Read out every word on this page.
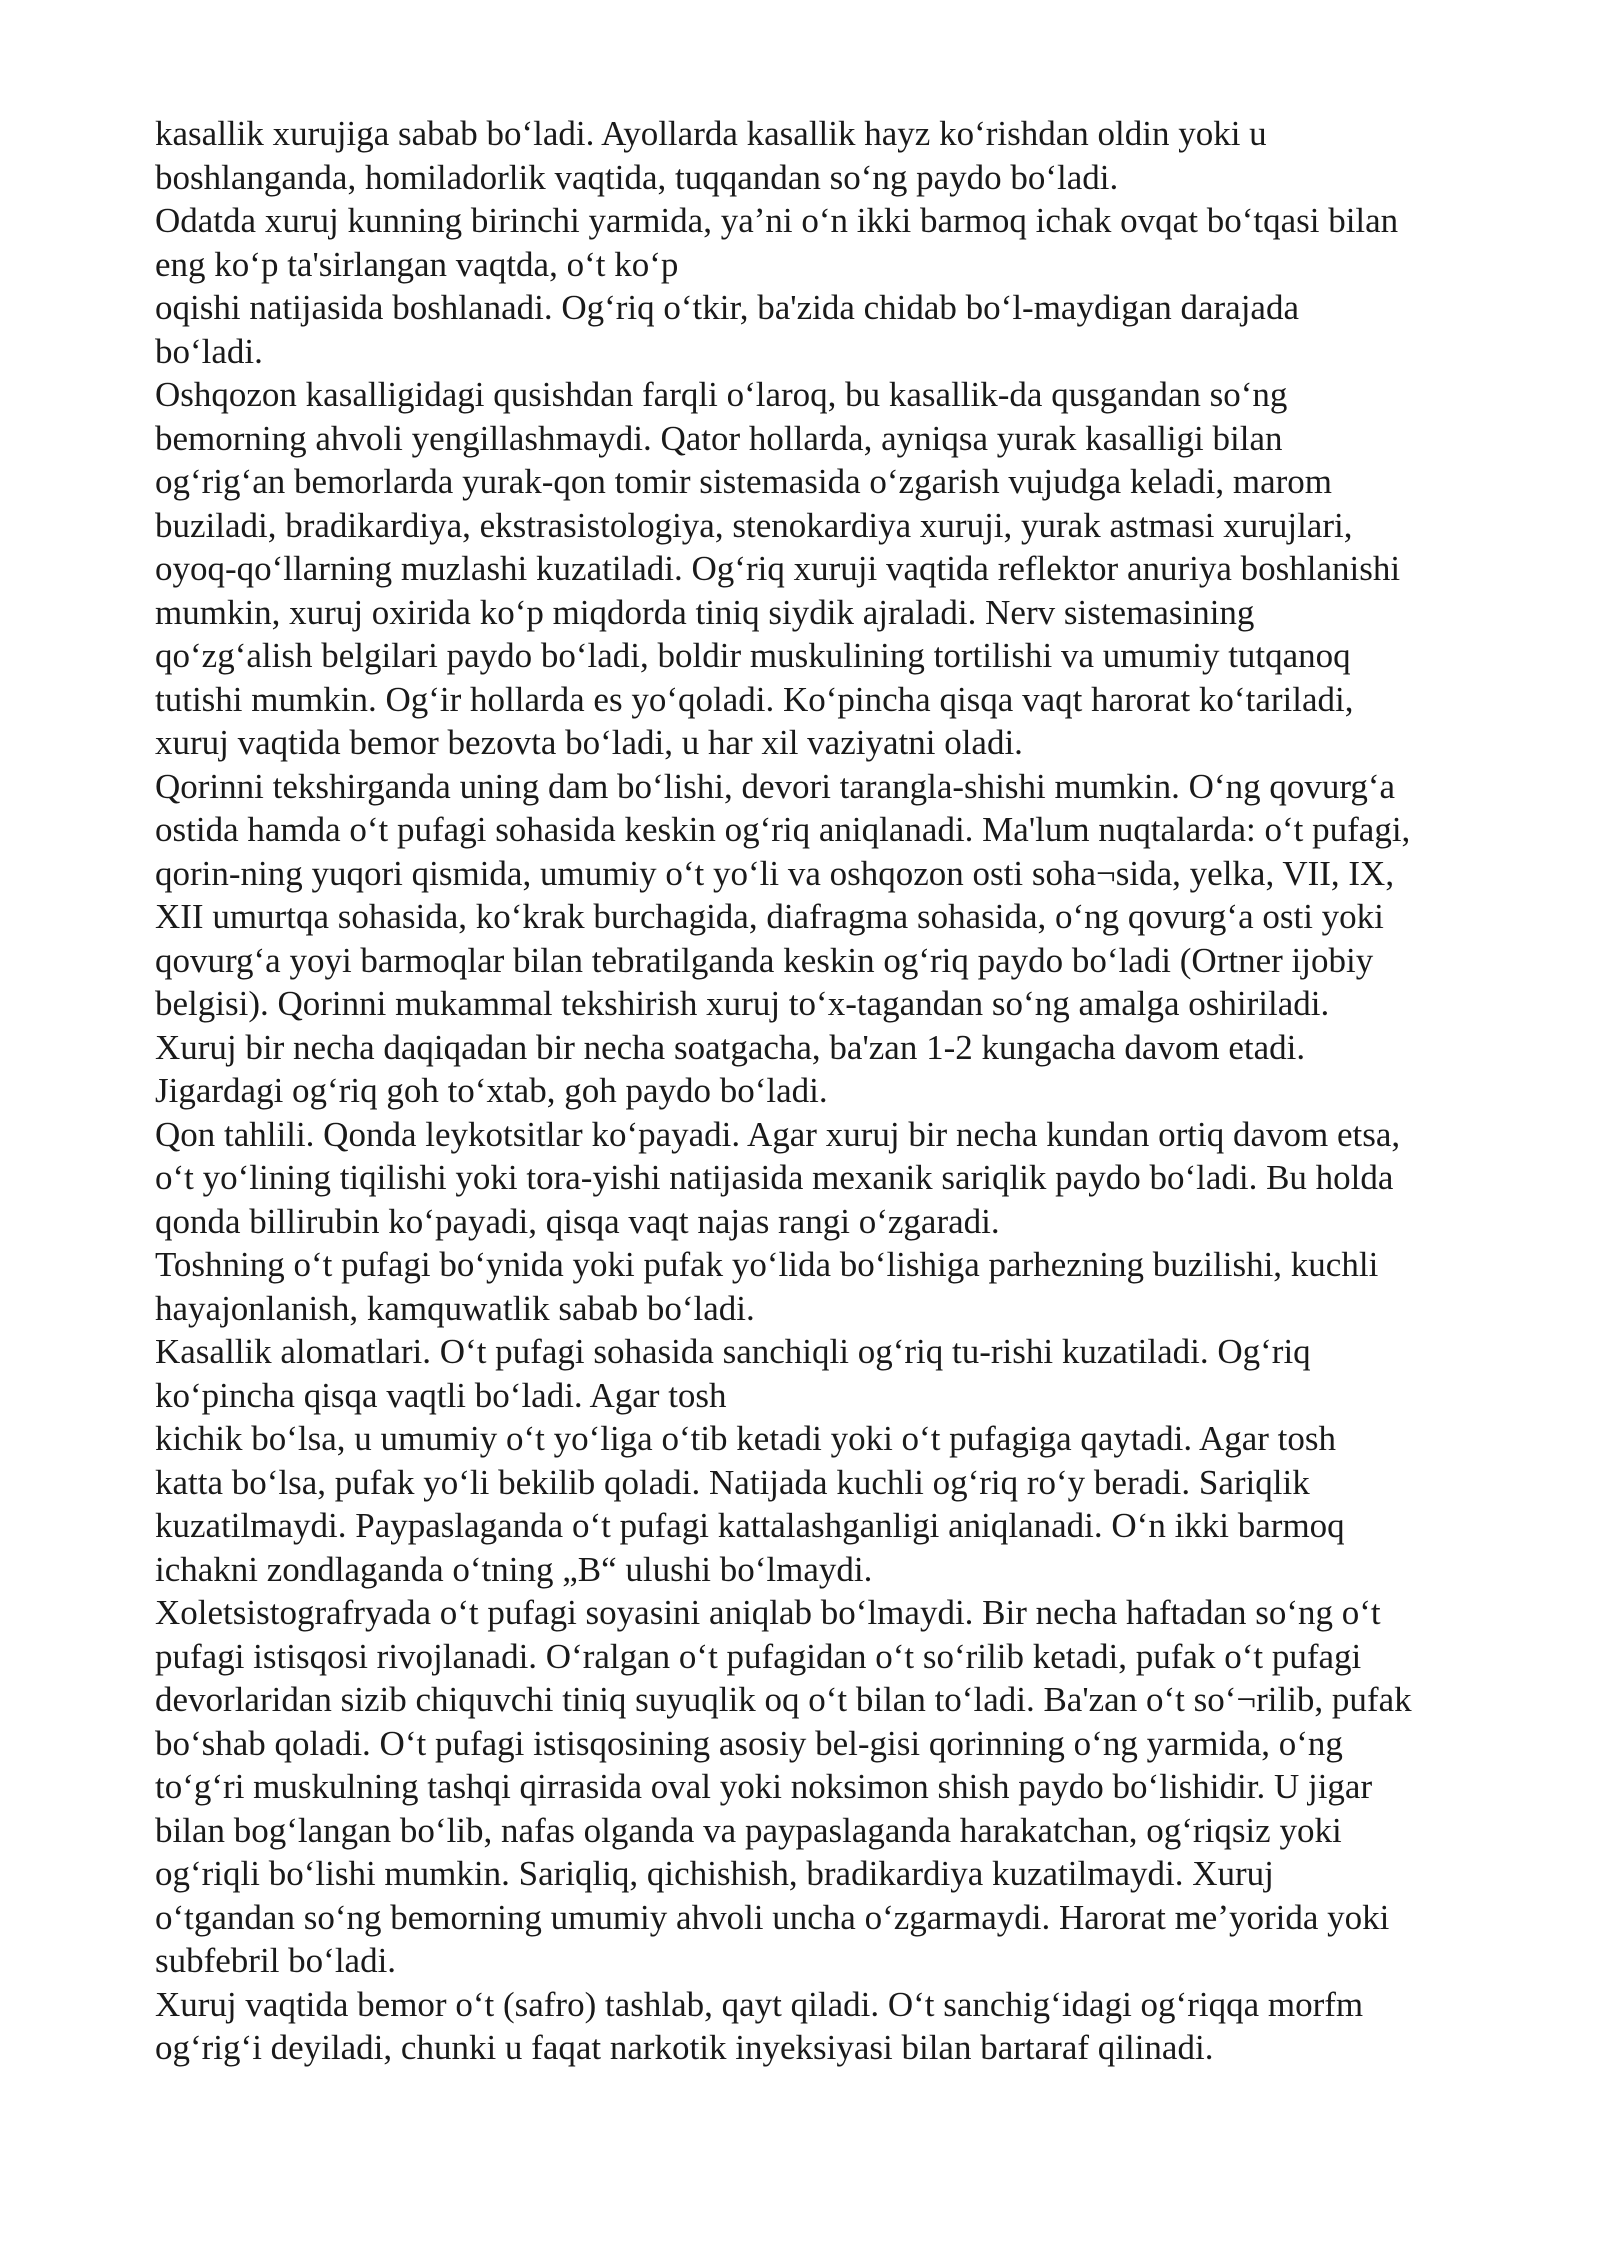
kasallik xurujiga sabab boʻladi. Ayollarda kasallik hayz koʻrishdan oldin yoki u
boshlanganda, homiladorlik vaqtida, tuqqandan soʻng paydo boʻladi.
Odatda xuruj kunning birinchi yarmida, yaʼni oʻn ikki barmoq ichak ovqat boʻtqasi bilan
eng koʻp ta'sirlangan vaqtda, oʻt koʻp
oqishi natijasida boshlanadi. Ogʻriq oʻtkir, ba'zida chidab boʻl-maydigan darajada
boʻladi.
Oshqozon kasalligidagi qusishdan farqli oʻlaroq, bu kasallik-da qusgandan soʻng
bemorning ahvoli yengillashmaydi. Qator hollarda, ayniqsa yurak kasalligi bilan
ogʻrigʻan bemorlarda yurak-qon tomir sistemasida oʻzgarish vujudga keladi, marom
buziladi, bradikardiya, ekstrasistologiya, stenokardiya xuruji, yurak astmasi xurujlari,
oyoq-qoʻllarning muzlashi kuzatiladi. Ogʻriq xuruji vaqtida reflektor anuriya boshlanishi
mumkin, xuruj oxirida koʻp miqdorda tiniq siydik ajraladi. Nerv sistemasining
qoʻzgʻalish belgilari paydo boʻladi, boldir muskulining tortilishi va umumiy tutqanoq
tutishi mumkin. Ogʻir hollarda es yoʻqoladi. Koʻpincha qisqa vaqt harorat koʻtariladi,
xuruj vaqtida bemor bezovta boʻladi, u har xil vaziyatni oladi.
Qorinni tekshirganda uning dam boʻlishi, devori tarangla-shishi mumkin. Oʻng qovurgʻa
ostida hamda oʻt pufagi sohasida keskin ogʻriq aniqlanadi. Ma'lum nuqtalarda: oʻt pufagi,
qorin-ning yuqori qismida, umumiy oʻt yoʻli va oshqozon osti soha¬sida, yelka, VII, IX,
XII umurtqa sohasida, koʻkrak burchagida, diafragma sohasida, oʻng qovurgʻa osti yoki
qovurgʻa yoyi barmoqlar bilan tebratilganda keskin ogʻriq paydo boʻladi (Ortner ijobiy
belgisi). Qorinni mukammal tekshirish xuruj toʻx-tagandan soʻng amalga oshiriladi.
Xuruj bir necha daqiqadan bir necha soatgacha, ba'zan 1-2 kungacha davom etadi.
Jigardagi ogʻriq goh toʻxtab, goh paydo boʻladi.
Qon tahlili. Qonda leykotsitlar koʻpayadi. Agar xuruj bir necha kundan ortiq davom etsa,
oʻt yoʻlining tiqilishi yoki tora-yishi natijasida mexanik sariqlik paydo boʻladi. Bu holda
qonda billirubin koʻpayadi, qisqa vaqt najas rangi oʻzgaradi.
Toshning oʻt pufagi boʻynida yoki pufak yoʻlida boʻlishiga parhezning buzilishi, kuchli
hayajonlanish, kamquwatlik sabab boʻladi.
Kasallik alomatlari. Oʻt pufagi sohasida sanchiqli ogʻriq tu-rishi kuzatiladi. Ogʻriq
koʻpincha qisqa vaqtli boʻladi. Agar tosh
kichik boʻlsa, u umumiy oʻt yoʻliga oʻtib ketadi yoki oʻt pufagiga qaytadi. Agar tosh
katta boʻlsa, pufak yoʻli bekilib qoladi. Natijada kuchli ogʻriq roʻy beradi. Sariqlik
kuzatilmaydi. Paypaslaganda oʻt pufagi kattalashganligi aniqlanadi. Oʻn ikki barmoq
ichakni zondlaganda oʻtning „B“ ulushi boʻlmaydi.
Xoletsistografryada oʻt pufagi soyasini aniqlab boʻlmaydi. Bir necha haftadan soʻng oʻt
pufagi istisqosi rivojlanadi. Oʻralgan oʻt pufagidan oʻt soʻrilib ketadi, pufak oʻt pufagi
devorlaridan sizib chiquvchi tiniq suyuqlik oq oʻt bilan toʻladi. Ba'zan oʻt soʻ¬rilib, pufak
boʻshab qoladi. Oʻt pufagi istisqosining asosiy bel-gisi qorinning oʻng yarmida, oʻng
toʻgʻri muskulning tashqi qirrasida oval yoki noksimon shish paydo boʻlishidir. U jigar
bilan bogʻlangan boʻlib, nafas olganda va paypaslaganda harakatchan, ogʻriqsiz yoki
ogʻriqli boʻlishi mumkin. Sariqliq, qichishish, bradikardiya kuzatilmaydi. Xuruj
oʻtgandan soʻng bemorning umumiy ahvoli uncha oʻzgarmaydi. Harorat meʼyorida yoki
subfebril boʻladi.
Xuruj vaqtida bemor oʻt (safro) tashlab, qayt qiladi. Oʻt sanchigʻidagi ogʻriqqa morfm
ogʻrigʻi deyiladi, chunki u faqat narkotik inyeksiyasi bilan bartaraf qilinadi.
